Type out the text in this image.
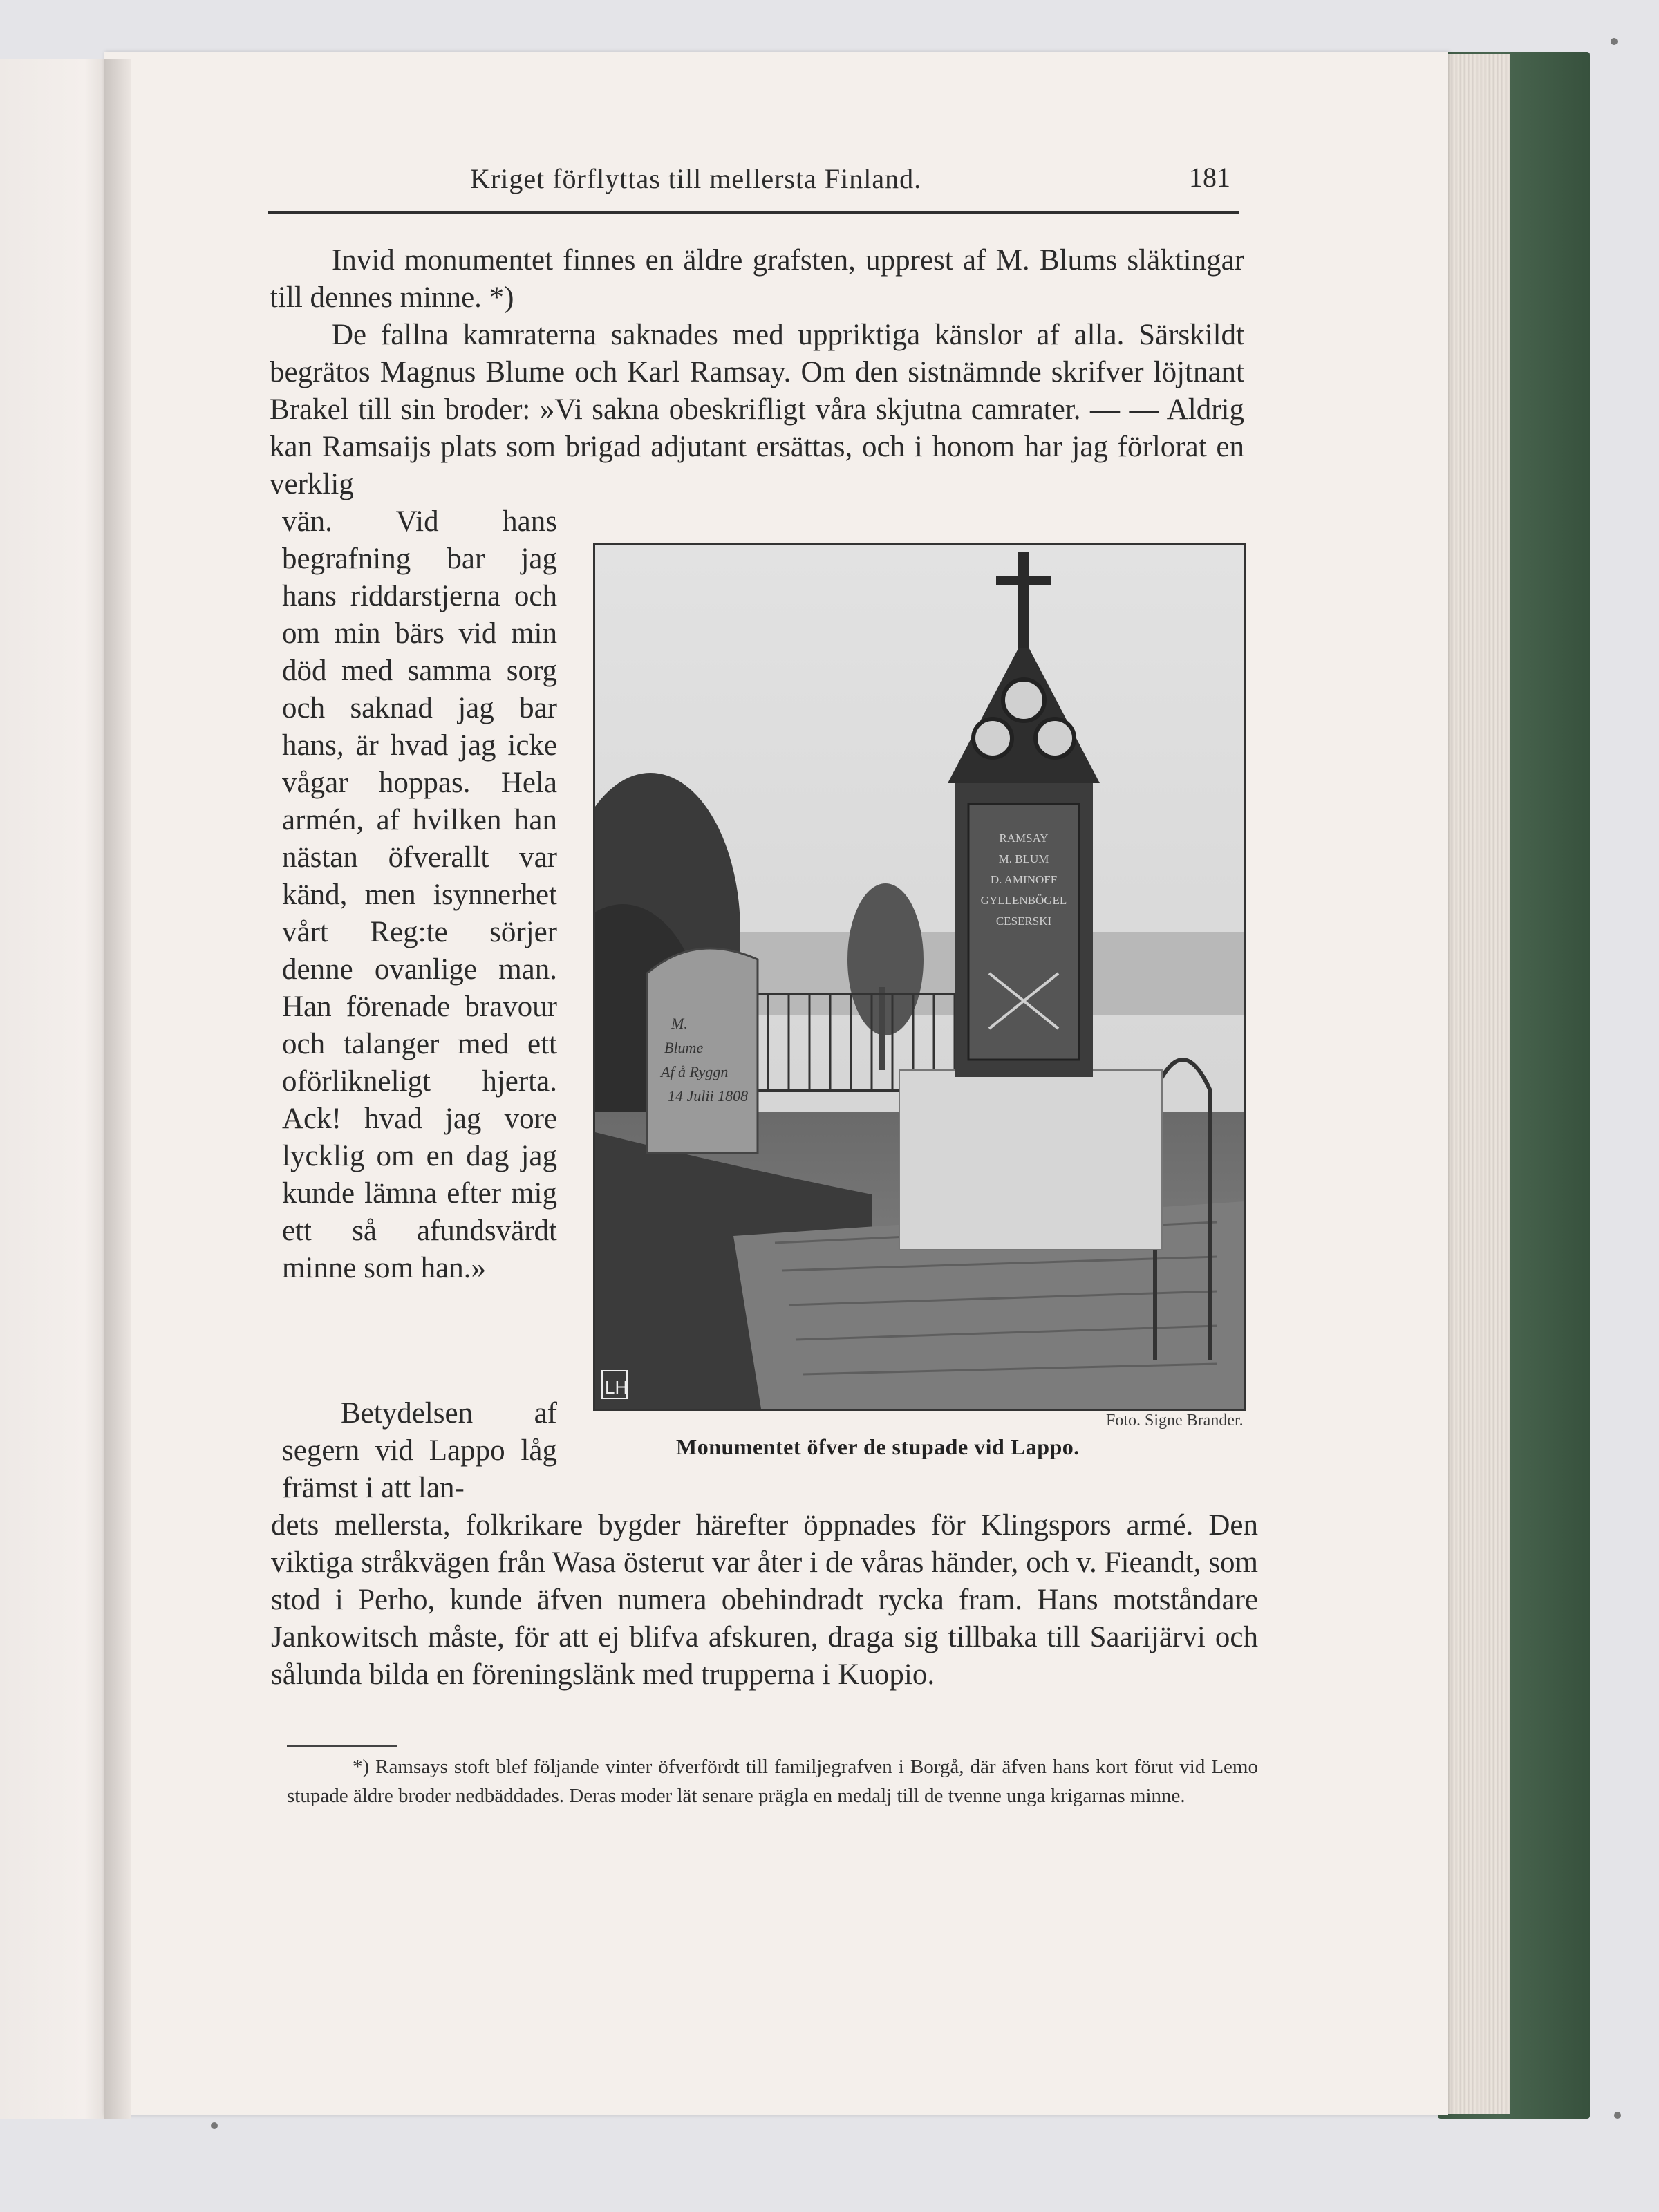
Kriget förflyttas till mellersta Finland.	181

Invid monumentet finnes en äldre grafsten, upprest af M. Blums släktingar till dennes minne. *)

De fallna kamraterna saknades med uppriktiga känslor af alla. Särskildt begrätos Magnus Blume och Karl Ramsay. Om den sistnämnde skrifver löjtnant Brakel till sin broder: »Vi sakna obeskrifligt våra skjutna camrater. — — Aldrig kan Ramsaijs plats som brigad adjutant ersättas, och i honom har jag förlorat en verklig

vän. Vid hans begrafning bar jag hans riddarstjerna och om min bärs vid min död med samma sorg och saknad jag bar hans, är hvad jag icke vågar hoppas. Hela armén, af hvilken han nästan öfverallt var känd, men isynnerhet vårt Reg:te sörjer denne ovanlige man. Han förenade bravour och talanger med ett oförlikneligt hjerta. Ack! hvad jag vore lycklig om en dag jag kunde lämna efter mig ett så afundsvärdt minne som han.»

Betydelsen af segern vid Lappo låg främst i att lan-

dets mellersta, folkrikare bygder härefter öppnades för Klingspors armé. Den viktiga stråkvägen från Wasa österut var åter i de våras händer, och v. Fieandt, som stod i Perho, kunde äfven numera obehindradt rycka fram. Hans motståndare Jankowitsch måste, för att ej blifva afskuren, draga sig tillbaka till Saarijärvi och sålunda bilda en föreningslänk med trupperna i Kuopio.

M.
Blume
Af å Ryggn
14 Julii 1808
RAMSAY
M. BLUM
D. AMINOFF
GYLLENBÖGEL
CESERSKI
LH
Foto. Signe Brander.
Monumentet öfver de stupade vid Lappo.

*) Ramsays stoft blef följande vinter öfverfördt till familjegrafven i Borgå, där äfven hans kort förut vid Lemo stupade äldre broder nedbäddades. Deras moder lät senare prägla en medalj till de tvenne unga krigarnas minne.
